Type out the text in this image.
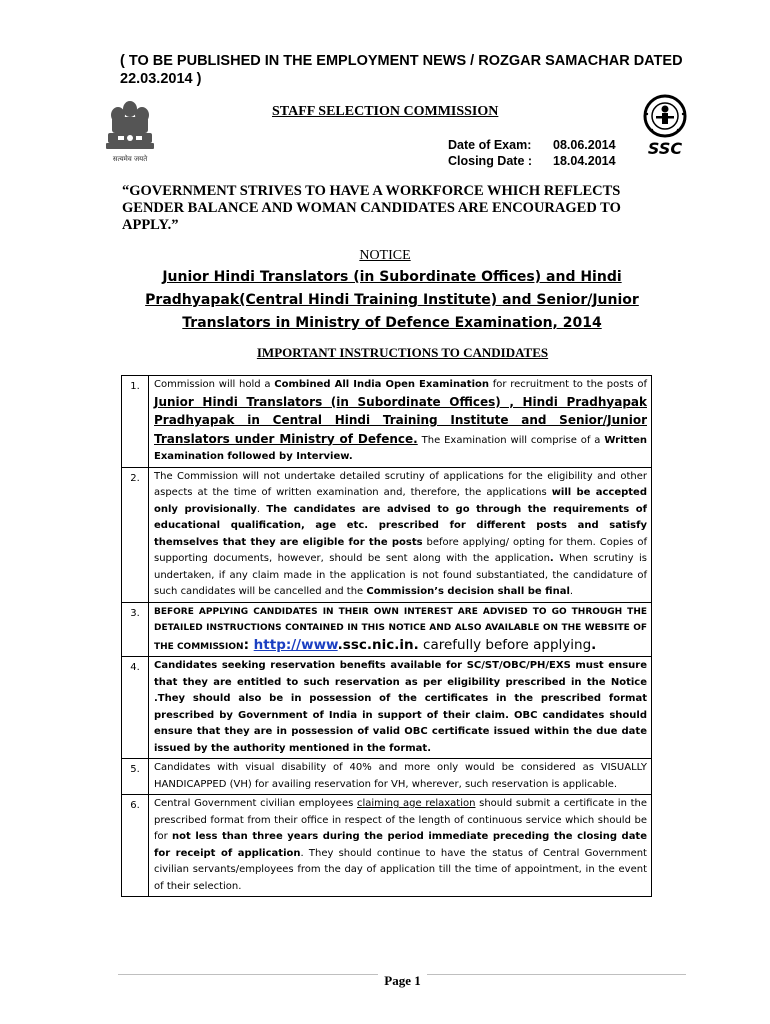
( TO BE PUBLISHED IN THE EMPLOYMENT NEWS / ROZGAR SAMACHAR DATED 22.03.2014 )
सत्यमेव जयते
STAFF SELECTION COMMISSION
Date of Exam:	08.06.2014
Closing Date :	18.04.2014
SSC
“GOVERNMENT STRIVES TO HAVE A WORKFORCE WHICH REFLECTS GENDER BALANCE AND WOMAN CANDIDATES ARE ENCOURAGED TO APPLY.”
NOTICE
Junior Hindi Translators (in Subordinate Offices) and Hindi Pradhyapak(Central Hindi Training Institute) and Senior/Junior Translators in Ministry of Defence Examination, 2014
IMPORTANT INSTRUCTIONS TO CANDIDATES
1.	Commission will hold a Combined All India Open Examination for recruitment to the posts of Junior Hindi Translators (in Subordinate Offices) , Hindi Pradhyapak Pradhyapak in Central Hindi Training Institute and Senior/Junior Translators under Ministry of Defence. The Examination will comprise of a Written Examination followed by Interview.
2.	The Commission will not undertake detailed scrutiny of applications for the eligibility and other aspects at the time of written examination and, therefore, the applications will be accepted only provisionally. The candidates are advised to go through the requirements of educational qualification, age etc. prescribed for different posts and satisfy themselves that they are eligible for the posts before applying/ opting for them. Copies of supporting documents, however, should be sent along with the application. When scrutiny is undertaken, if any claim made in the application is not found substantiated, the candidature of such candidates will be cancelled and the Commission’s decision shall be final.
3.	BEFORE APPLYING CANDIDATES IN THEIR OWN INTEREST ARE ADVISED TO GO THROUGH THE DETAILED INSTRUCTIONS CONTAINED IN THIS NOTICE AND ALSO AVAILABLE ON THE WEBSITE OF THE COMMISSION: http://www.ssc.nic.in. carefully before applying.
4.	Candidates seeking reservation benefits available for SC/ST/OBC/PH/EXS must ensure that they are entitled to such reservation as per eligibility prescribed in the Notice .They should also be in possession of the certificates in the prescribed format prescribed by Government of India in support of their claim. OBC candidates should ensure that they are in possession of valid OBC certificate issued within the due date issued by the authority mentioned in the format.
5.	Candidates with visual disability of 40% and more only would be considered as VISUALLY HANDICAPPED (VH) for availing reservation for VH, wherever, such reservation is applicable.
6.	Central Government civilian employees claiming age relaxation should submit a certificate in the prescribed format from their office in respect of the length of continuous service which should be for not less than three years during the period immediate preceding the closing date for receipt of application. They should continue to have the status of Central Government civilian servants/employees from the day of application till the time of appointment, in the event of their selection.
Page 1
